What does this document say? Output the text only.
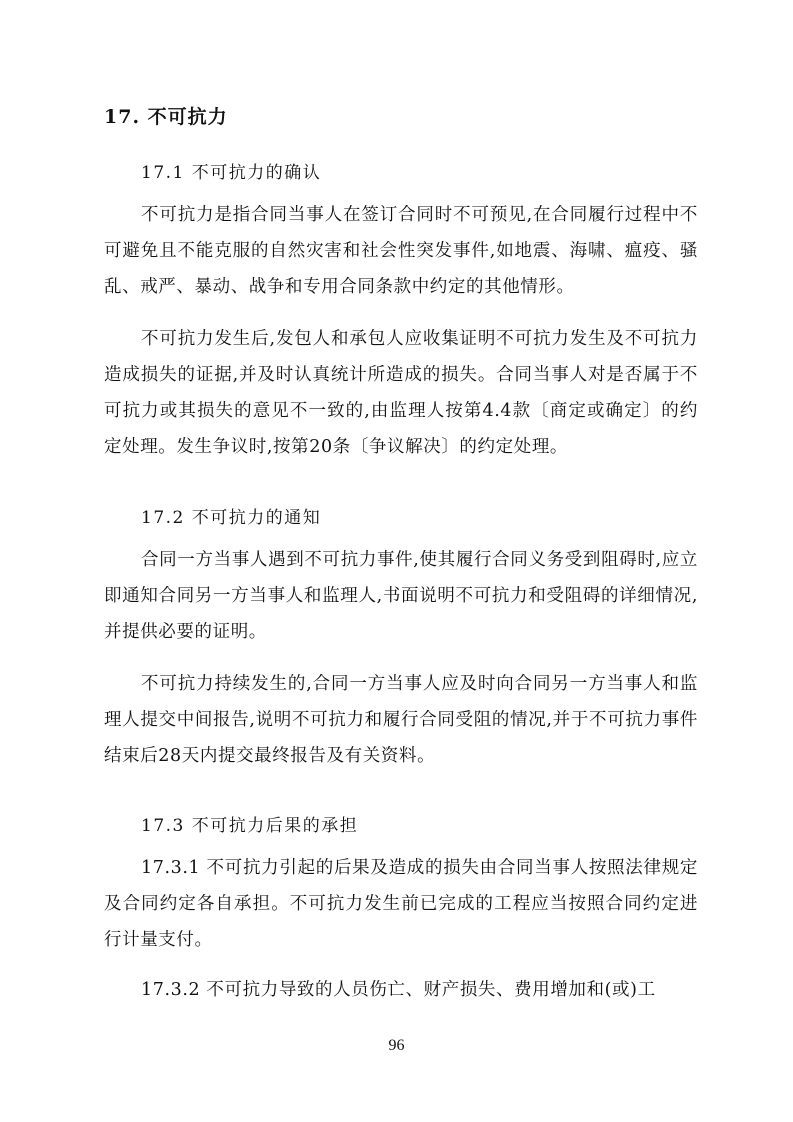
17. 不可抗力

17.1 不可抗力的确认

不可抗力是指合同当事人在签订合同时不可预见,在合同履行过程中不可避免且不能克服的自然灾害和社会性突发事件,如地震、海啸、瘟疫、骚乱、戒严、暴动、战争和专用合同条款中约定的其他情形。

不可抗力发生后,发包人和承包人应收集证明不可抗力发生及不可抗力造成损失的证据,并及时认真统计所造成的损失。合同当事人对是否属于不可抗力或其损失的意见不一致的,由监理人按第4.4款〔商定或确定〕的约定处理。发生争议时,按第20条〔争议解决〕的约定处理。

17.2 不可抗力的通知

合同一方当事人遇到不可抗力事件,使其履行合同义务受到阻碍时,应立即通知合同另一方当事人和监理人,书面说明不可抗力和受阻碍的详细情况,并提供必要的证明。

不可抗力持续发生的,合同一方当事人应及时向合同另一方当事人和监理人提交中间报告,说明不可抗力和履行合同受阻的情况,并于不可抗力事件结束后28天内提交最终报告及有关资料。

17.3 不可抗力后果的承担

17.3.1 不可抗力引起的后果及造成的损失由合同当事人按照法律规定及合同约定各自承担。不可抗力发生前已完成的工程应当按照合同约定进行计量支付。

17.3.2 不可抗力导致的人员伤亡、财产损失、费用增加和(或)工

96
